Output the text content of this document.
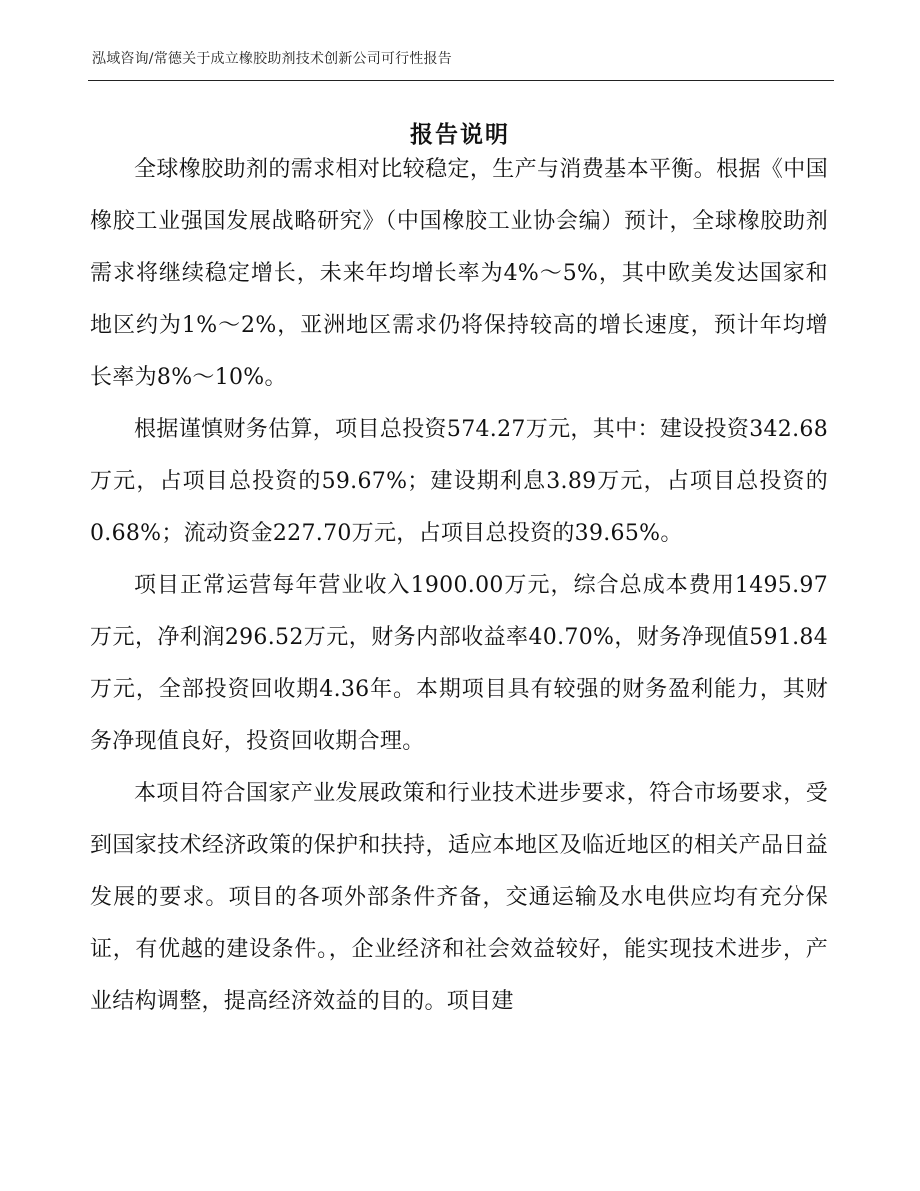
泓域咨询/常德关于成立橡胶助剂技术创新公司可行性报告
报告说明

全球橡胶助剂的需求相对比较稳定，生产与消费基本平衡。根据《中国橡胶工业强国发展战略研究》（中国橡胶工业协会编）预计，全球橡胶助剂需求将继续稳定增长，未来年均增长率为4%～5%，其中欧美发达国家和地区约为1%～2%，亚洲地区需求仍将保持较高的增长速度，预计年均增长率为8%～10%。

根据谨慎财务估算，项目总投资574.27万元，其中：建设投资342.68万元，占项目总投资的59.67%；建设期利息3.89万元，占项目总投资的0.68%；流动资金227.70万元，占项目总投资的39.65%。

项目正常运营每年营业收入1900.00万元，综合总成本费用1495.97万元，净利润296.52万元，财务内部收益率40.70%，财务净现值591.84万元，全部投资回收期4.36年。本期项目具有较强的财务盈利能力，其财务净现值良好，投资回收期合理。

本项目符合国家产业发展政策和行业技术进步要求，符合市场要求，受到国家技术经济政策的保护和扶持，适应本地区及临近地区的相关产品日益发展的要求。项目的各项外部条件齐备，交通运输及水电供应均有充分保证，有优越的建设条件。，企业经济和社会效益较好，能实现技术进步，产业结构调整，提高经济效益的目的。项目建
